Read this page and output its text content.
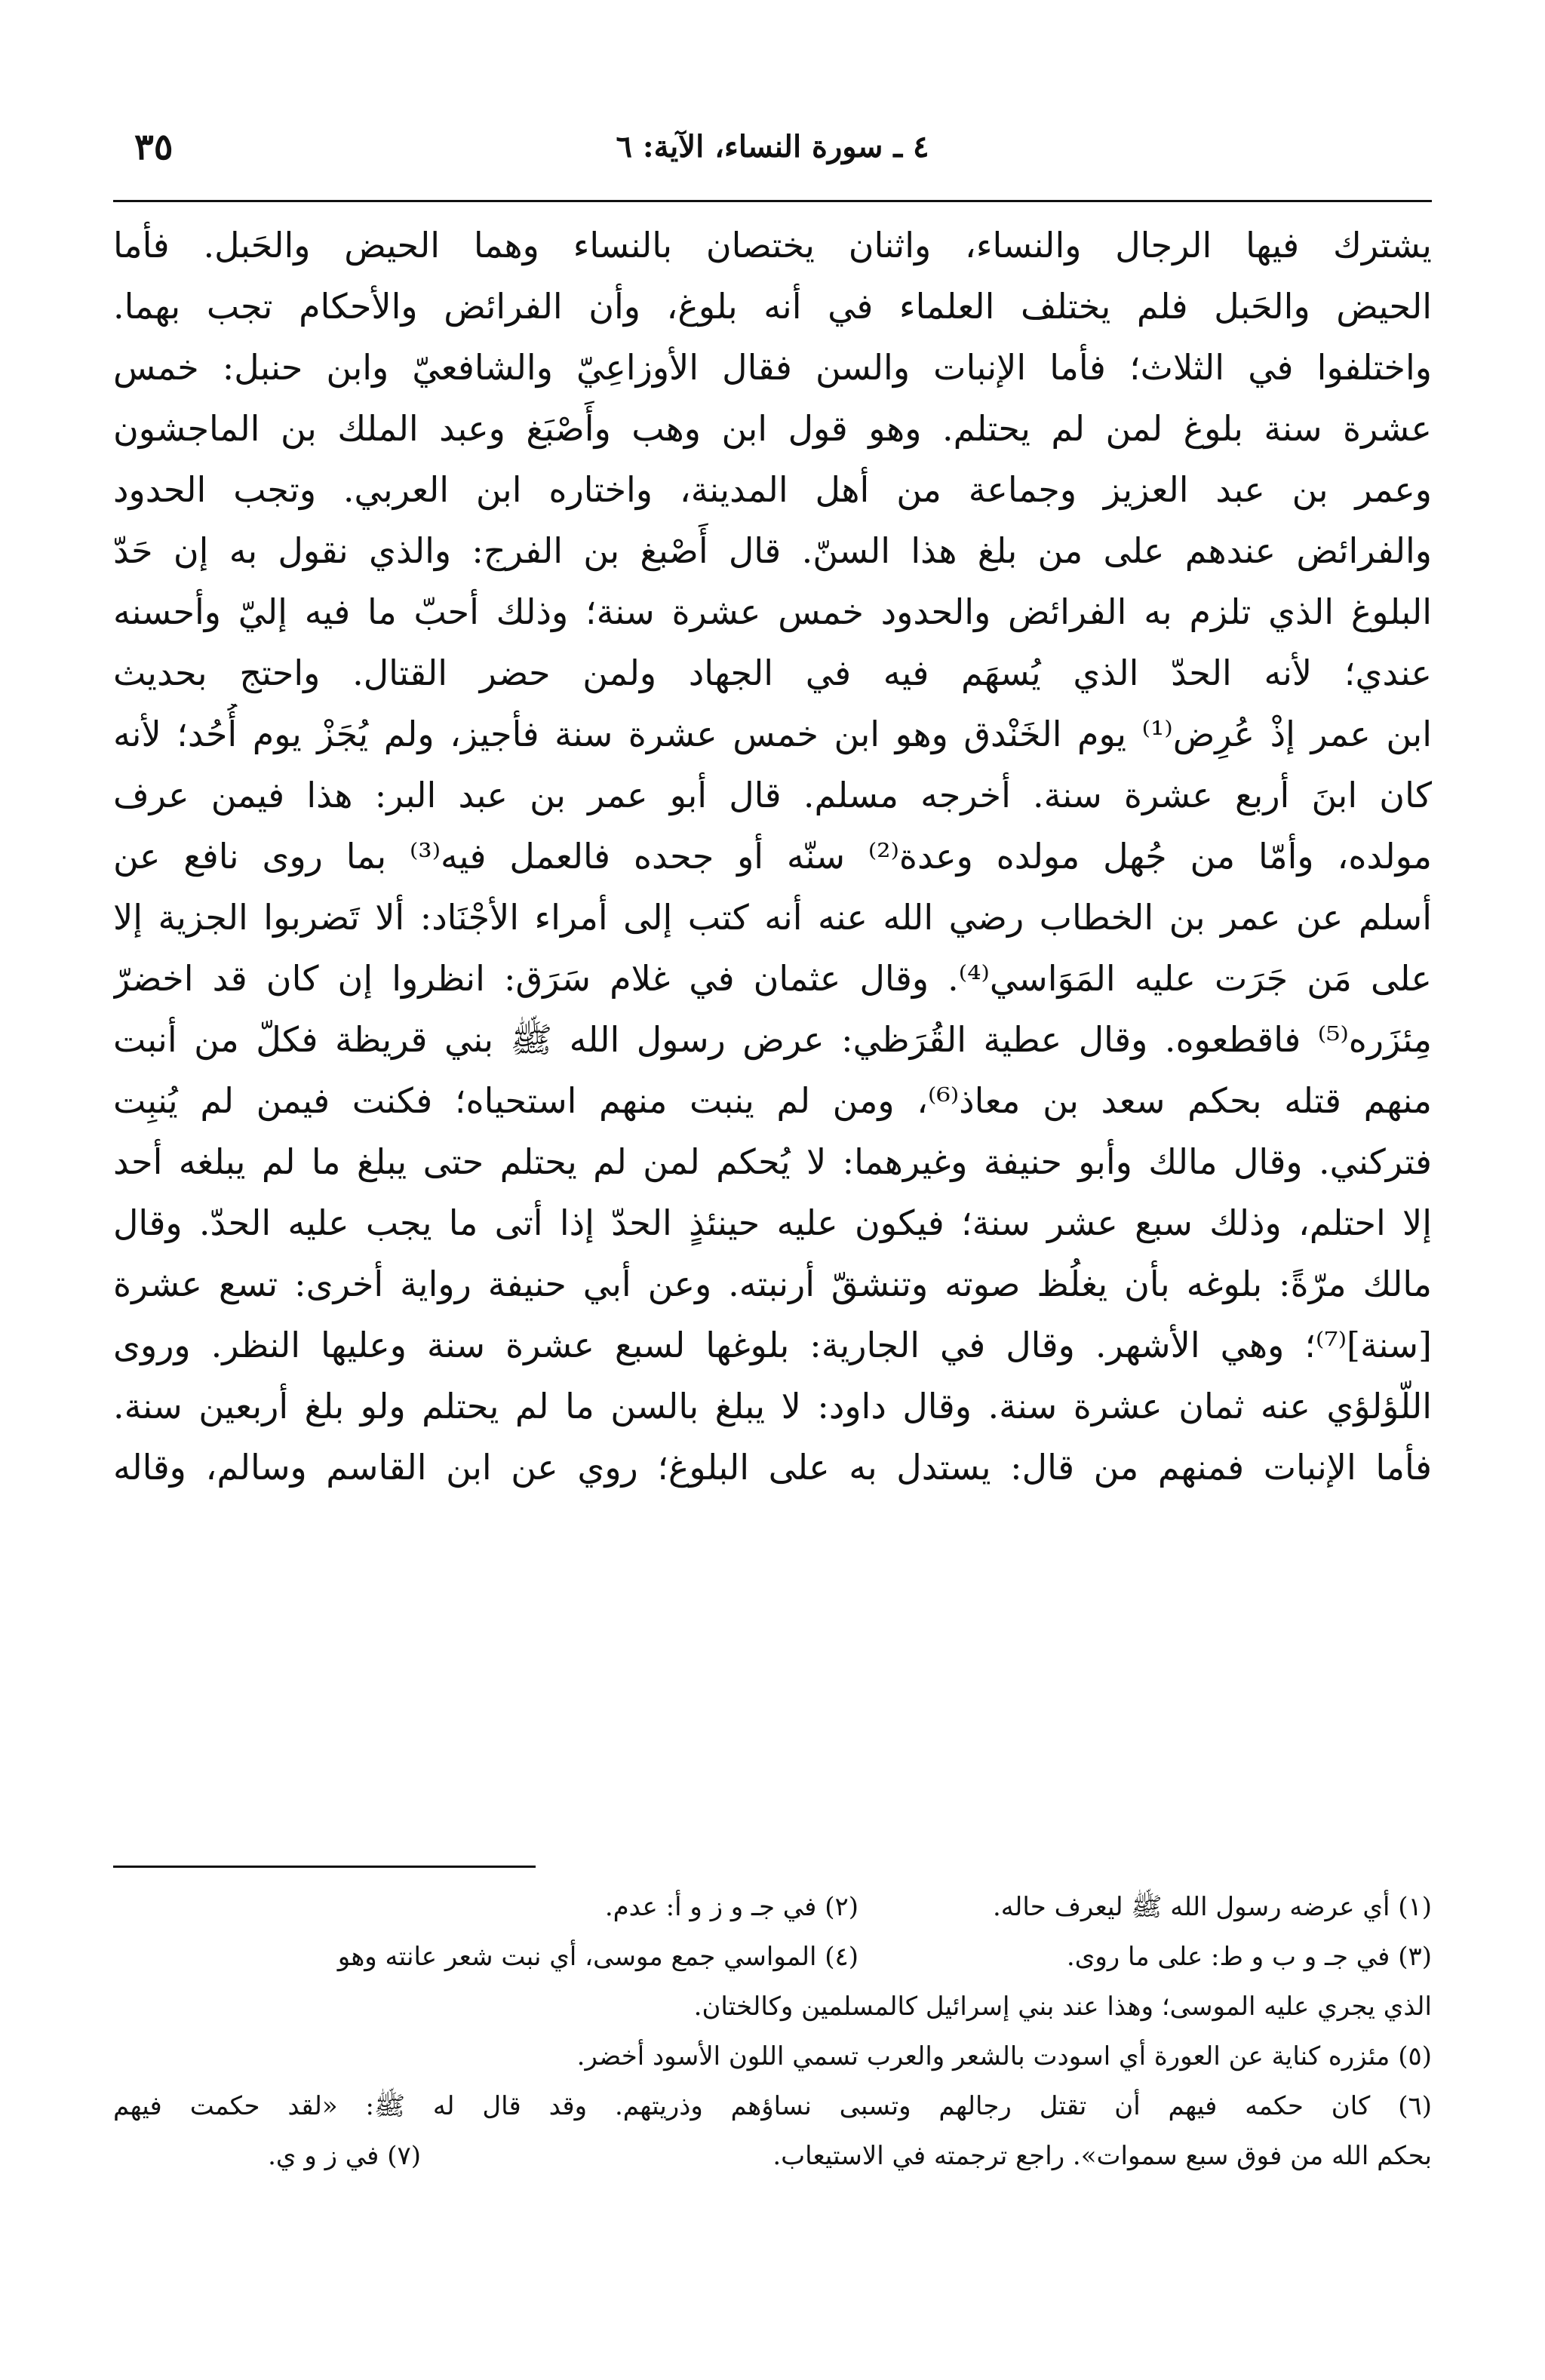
٤ ـ سورة النساء، الآية: ٦
٣٥
يشترك فيها الرجال والنساء، واثنان يختصان بالنساء وهما الحيض والحَبل. فأما
الحيض والحَبل فلم يختلف العلماء في أنه بلوغ، وأن الفرائض والأحكام تجب بهما.
واختلفوا في الثلاث؛ فأما الإنبات والسن فقال الأوزاعِيّ والشافعيّ وابن حنبل: خمس
عشرة سنة بلوغ لمن لم يحتلم. وهو قول ابن وهب وأَصْبَغ وعبد الملك بن الماجشون
وعمر بن عبد العزيز وجماعة من أهل المدينة، واختاره ابن العربي. وتجب الحدود
والفرائض عندهم على من بلغ هذا السنّ. قال أَصْبغ بن الفرج: والذي نقول به إن حَدّ
البلوغ الذي تلزم به الفرائض والحدود خمس عشرة سنة؛ وذلك أحبّ ما فيه إليّ وأحسنه
عندي؛ لأنه الحدّ الذي يُسهَم فيه في الجهاد ولمن حضر القتال. واحتج بحديث
ابن عمر إذْ عُرِض⁽¹⁾ يوم الخَنْدق وهو ابن خمس عشرة سنة فأجيز، ولم يُجَزْ يوم أُحُد؛ لأنه
كان ابنَ أربع عشرة سنة. أخرجه مسلم. قال أبو عمر بن عبد البر: هذا فيمن عرف
مولده، وأمّا من جُهل مولده وعدة⁽²⁾ سنّه أو جحده فالعمل فيه⁽³⁾ بما روى نافع عن
أسلم عن عمر بن الخطاب رضي الله عنه أنه كتب إلى أمراء الأجْنَاد: ألا تَضربوا الجزية إلا
على مَن جَرَت عليه المَوَاسي⁽⁴⁾. وقال عثمان في غلام سَرَق: انظروا إن كان قد اخضرّ
مِئزَره⁽⁵⁾ فاقطعوه. وقال عطية القُرَظي: عرض رسول الله ﷺ بني قريظة فكلّ من أنبت
منهم قتله بحكم سعد بن معاذ⁽⁶⁾، ومن لم ينبت منهم استحياه؛ فكنت فيمن لم يُنبِت
فتركني. وقال مالك وأبو حنيفة وغيرهما: لا يُحكم لمن لم يحتلم حتى يبلغ ما لم يبلغه أحد
إلا احتلم، وذلك سبع عشر سنة؛ فيكون عليه حينئذٍ الحدّ إذا أتى ما يجب عليه الحدّ. وقال
مالك مرّةً: بلوغه بأن يغلُظ صوته وتنشقّ أرنبته. وعن أبي حنيفة رواية أخرى: تسع عشرة
[سنة]⁽⁷⁾؛ وهي الأشهر. وقال في الجارية: بلوغها لسبع عشرة سنة وعليها النظر. وروى
اللّؤلؤي عنه ثمان عشرة سنة. وقال داود: لا يبلغ بالسن ما لم يحتلم ولو بلغ أربعين سنة.
فأما الإنبات فمنهم من قال: يستدل به على البلوغ؛ روي عن ابن القاسم وسالم، وقاله
(١) أي عرضه رسول الله ﷺ ليعرف حاله.
(٢) في جـ و ز و أ: عدم.
(٣) في جـ و ب و ط: على ما روى.
(٤) المواسي جمع موسى، أي نبت شعر عانته وهو
الذي يجري عليه الموسى؛ وهذا عند بني إسرائيل كالمسلمين وكالختان.
(٥) مئزره كناية عن العورة أي اسودت بالشعر والعرب تسمي اللون الأسود أخضر.
(٦) كان حكمه فيهم أن تقتل رجالهم وتسبى نساؤهم وذريتهم. وقد قال له ﷺ: «لقد حكمت فيهم
بحكم الله من فوق سبع سموات». راجع ترجمته في الاستيعاب.
(٧) في ز و ي.
